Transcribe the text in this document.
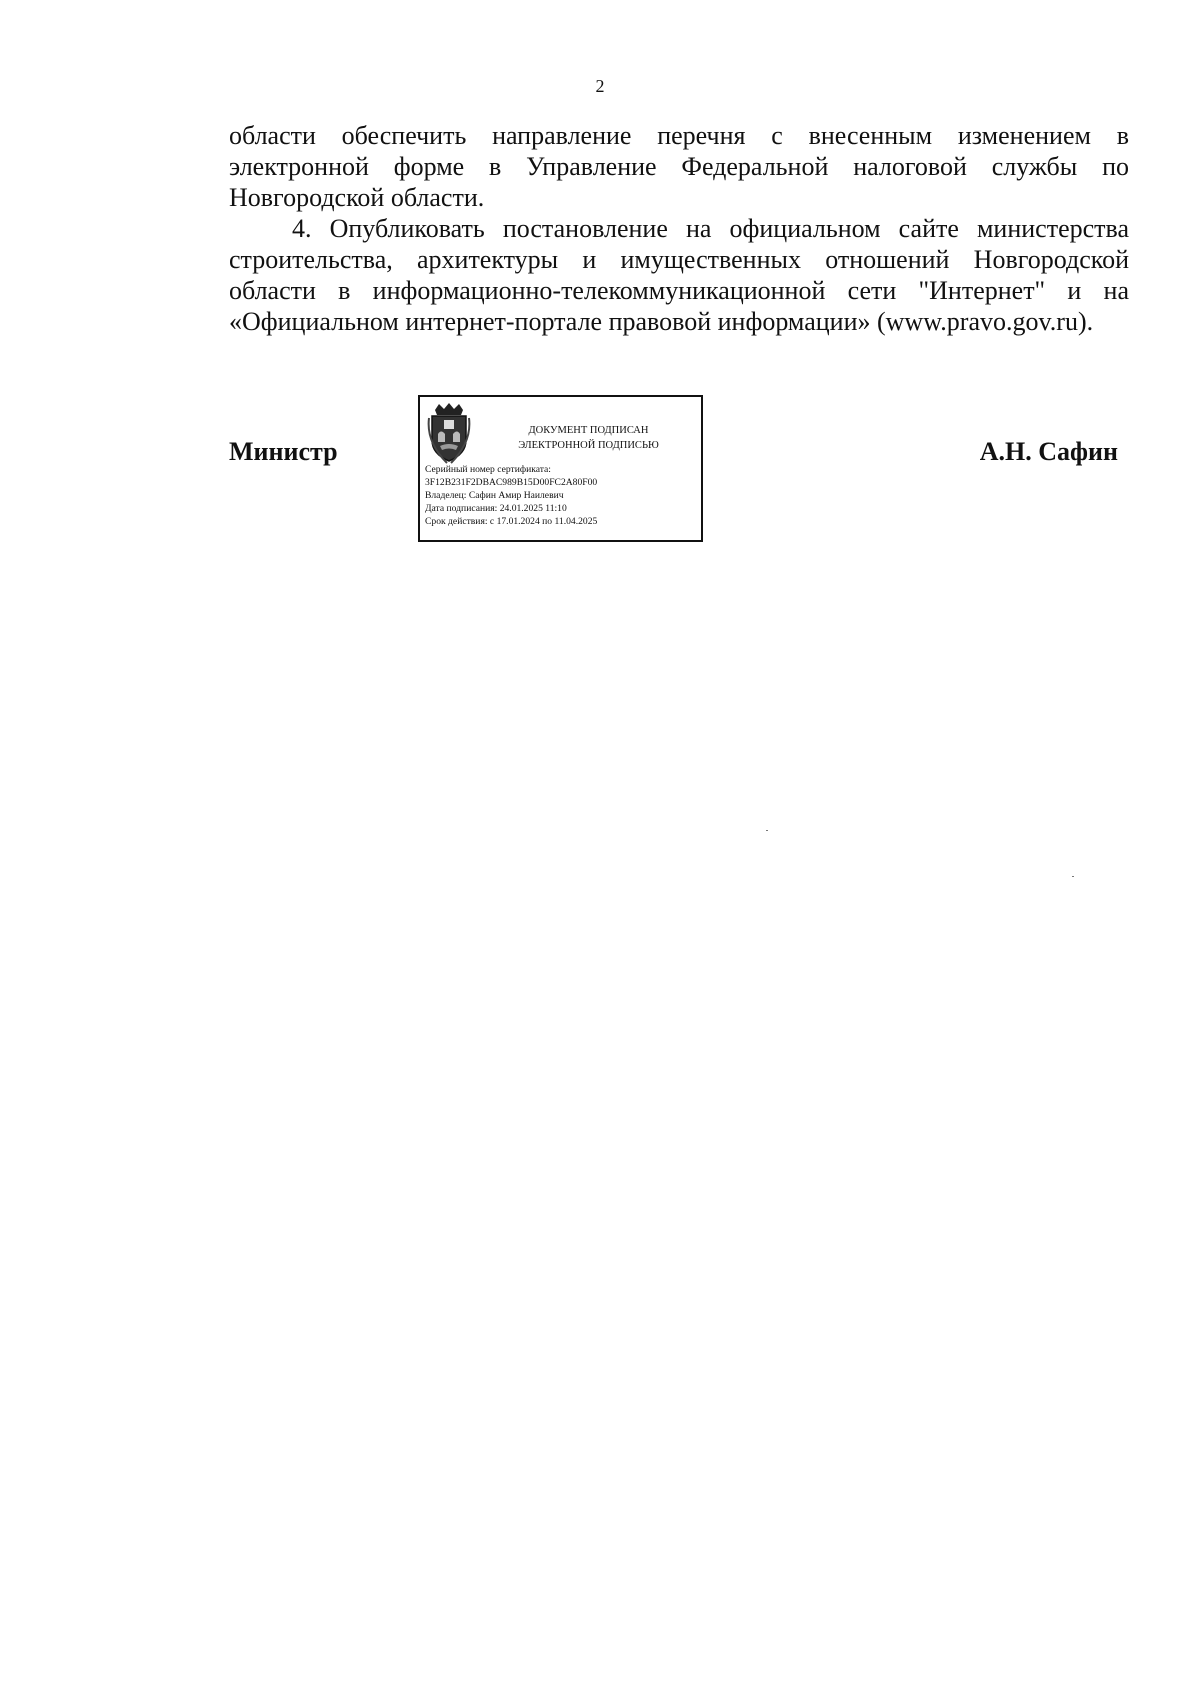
2

области обеспечить направление перечня с внесенным изменением в электронной форме в Управление Федеральной налоговой службы по Новгородской области.

4. Опубликовать постановление на официальном сайте министерства строительства, архитектуры и имущественных отношений Новгородской области в информационно-телекоммуникационной сети "Интернет" и на «Официальном интернет-портале правовой информации» (www.pravo.gov.ru).

Министр
ДОКУМЕНТ ПОДПИСАН
ЭЛЕКТРОННОЙ ПОДПИСЬЮ
Серийный номер сертификата:
3F12B231F2DBAC989B15D00FC2A80F00
Владелец: Сафин Амир Наилевич
Дата подписания: 24.01.2025 11:10
Срок действия: с 17.01.2024 по 11.04.2025
А.Н. Сафин
